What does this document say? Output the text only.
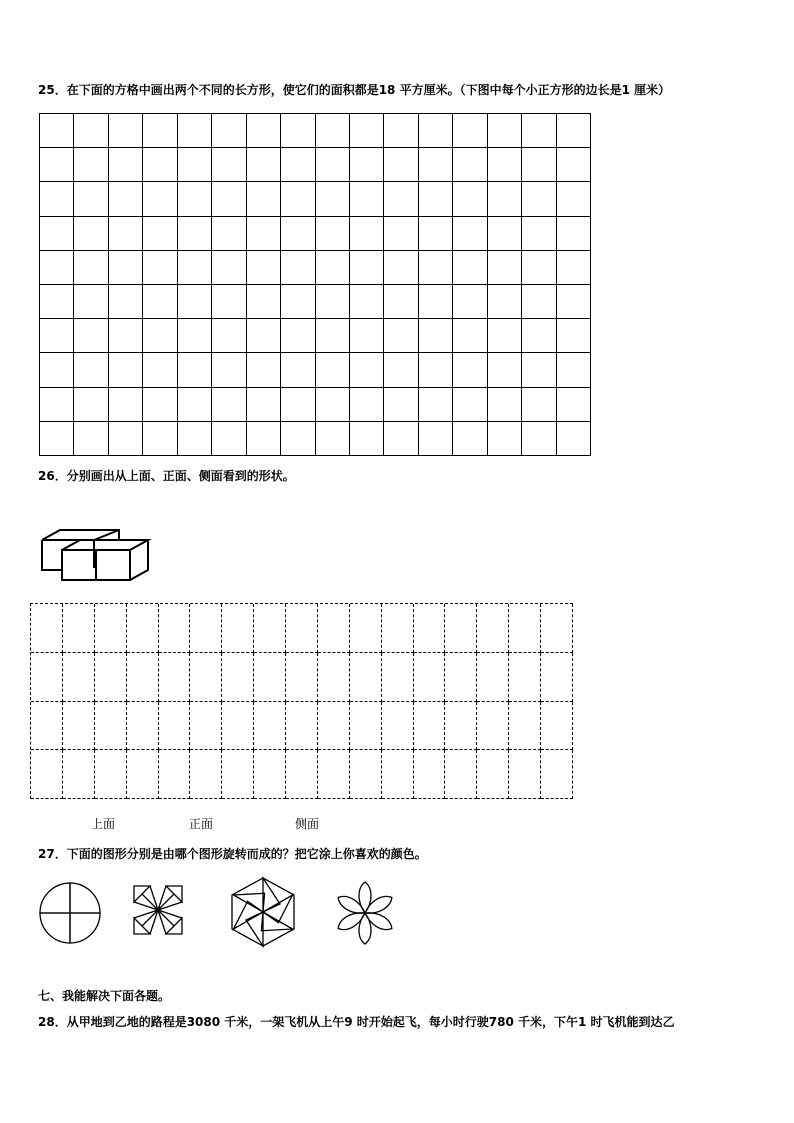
25．在下面的方格中画出两个不同的长方形，使它们的面积都是18 平方厘米。（下图中每个小正方形的边长是1 厘米）
26．分别画出从上面、正面、侧面看到的形状。
上面	正面	侧面
27．下面的图形分别是由哪个图形旋转而成的？把它涂上你喜欢的颜色。
七、我能解决下面各题。
28．从甲地到乙地的路程是3080 千米，一架飞机从上午9 时开始起飞，每小时行驶780 千米，下午1 时飞机能到达乙
